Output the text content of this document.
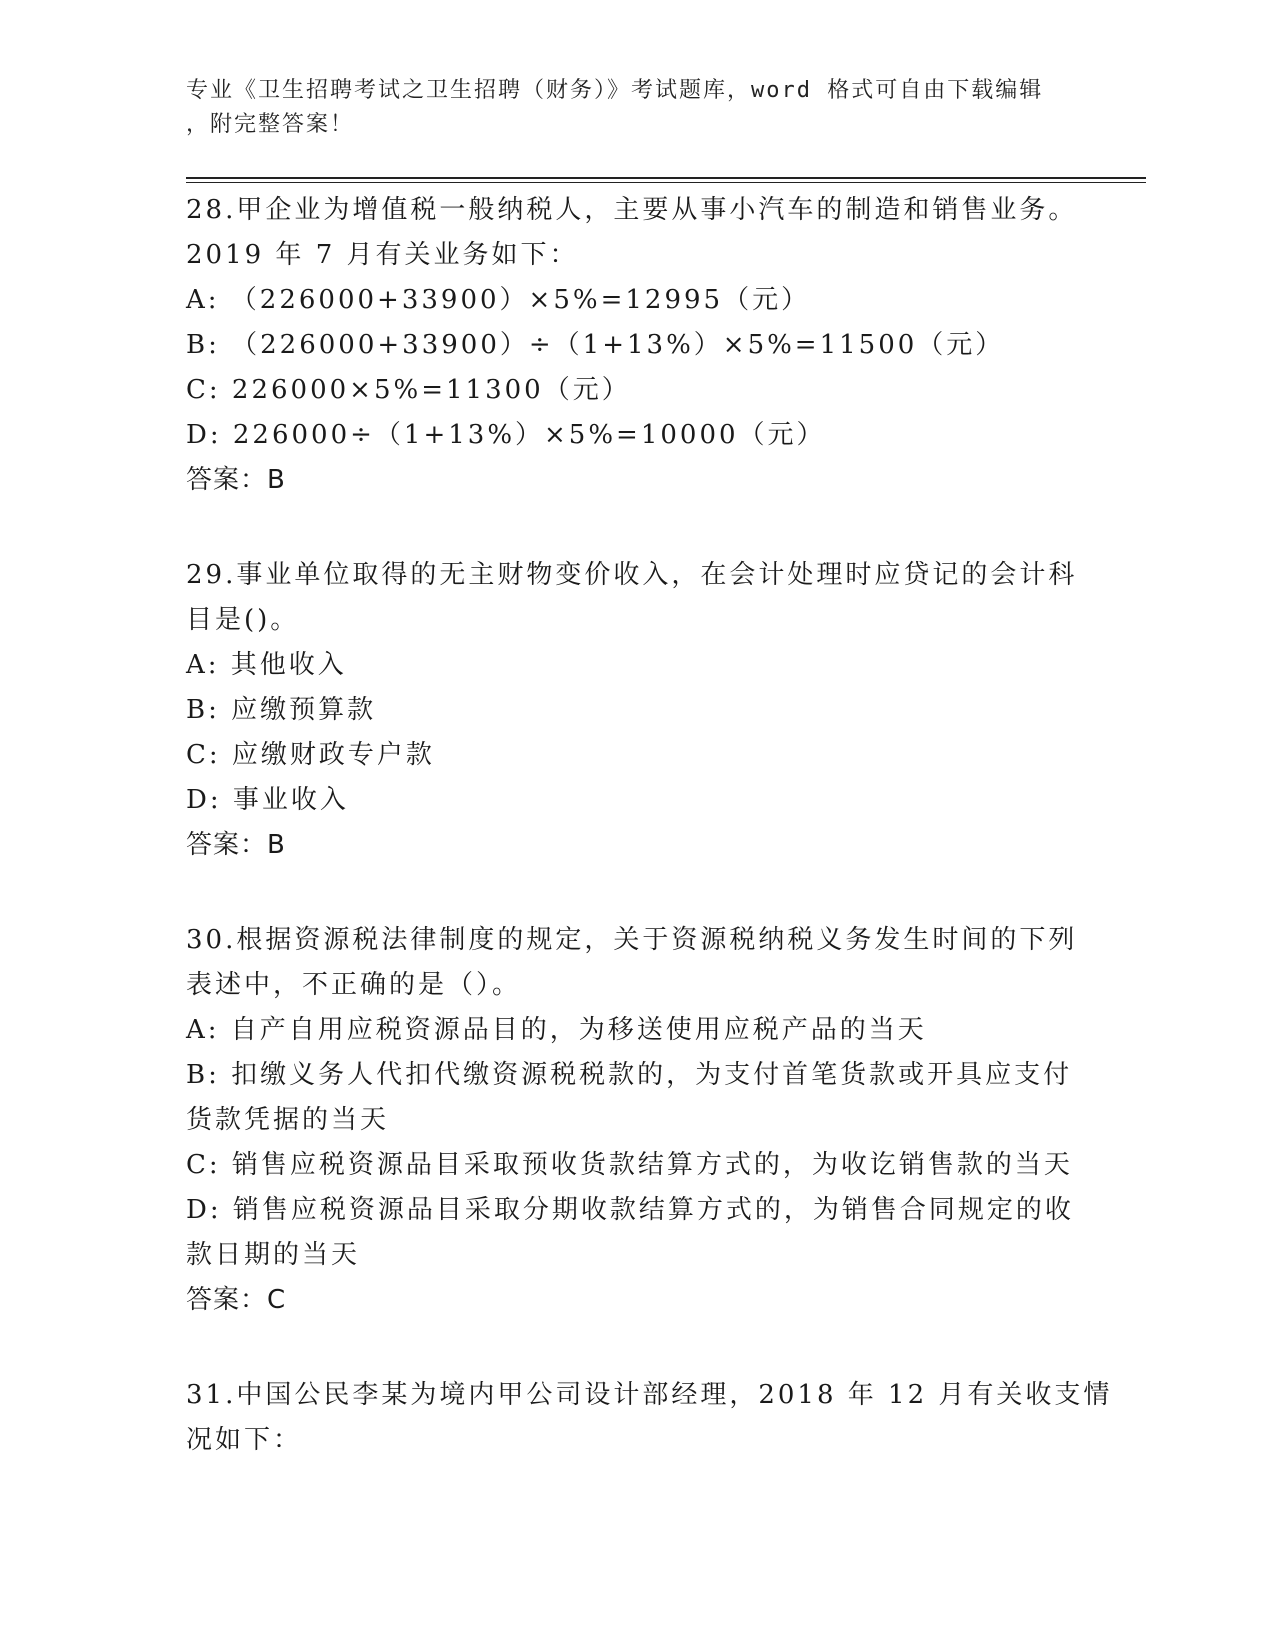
专业《卫生招聘考试之卫生招聘（财务）》考试题库，word 格式可自由下载编辑
，附完整答案！
28.甲企业为增值税一般纳税人，主要从事小汽车的制造和销售业务。
2019 年 7 月有关业务如下：
A: （226000+33900）×5%=12995（元）
B: （226000+33900）÷（1+13%）×5%=11500（元）
C: 226000×5%=11300（元）
D: 226000÷（1+13%）×5%=10000（元）
答案：B
29.事业单位取得的无主财物变价收入，在会计处理时应贷记的会计科
目是()。
A: 其他收入
B: 应缴预算款
C: 应缴财政专户款
D: 事业收入
答案：B
30.根据资源税法律制度的规定，关于资源税纳税义务发生时间的下列
表述中，不正确的是（）。
A: 自产自用应税资源品目的，为移送使用应税产品的当天
B: 扣缴义务人代扣代缴资源税税款的，为支付首笔货款或开具应支付
货款凭据的当天
C: 销售应税资源品目采取预收货款结算方式的，为收讫销售款的当天
D: 销售应税资源品目采取分期收款结算方式的，为销售合同规定的收
款日期的当天
答案：C
31.中国公民李某为境内甲公司设计部经理，2018 年 12 月有关收支情
况如下：
